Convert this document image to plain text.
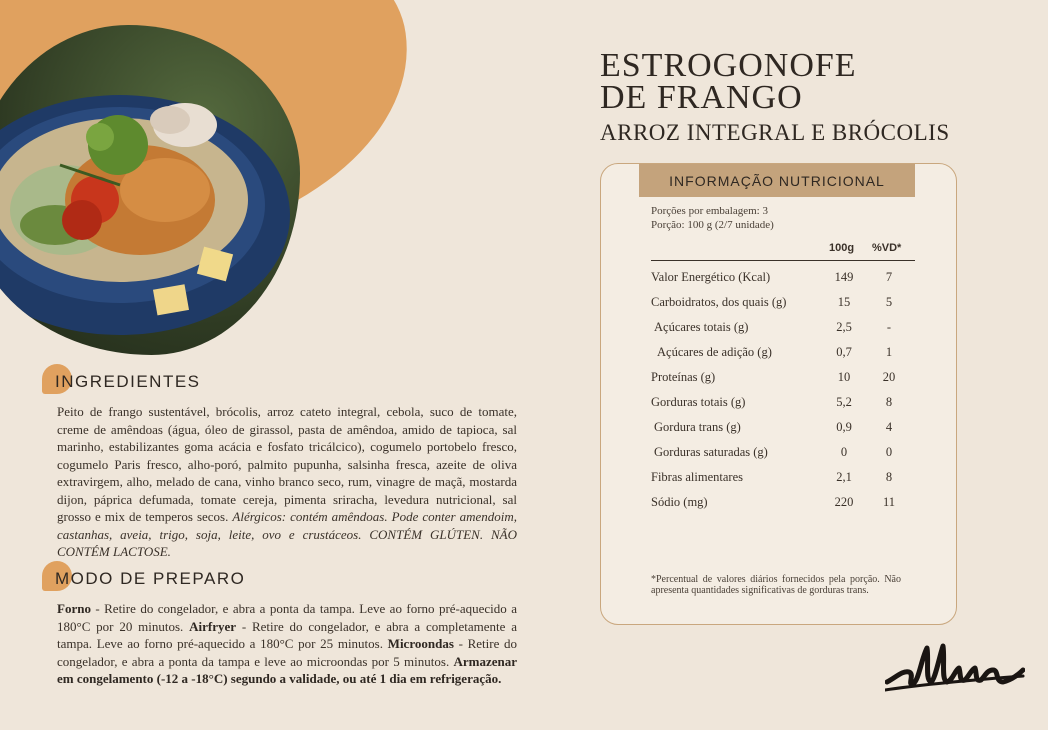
ESTROGONOFE
DE FRANGO
ARROZ INTEGRAL E BRÓCOLIS
INFORMAÇÃO NUTRICIONAL
Porções por embalagem: 3
Porção: 100 g (2/7 unidade)
100g %VD*
Valor Energético (Kcal)	149	7
Carboidratos, dos quais (g)	15	5
Açúcares totais (g)	2,5	-
Açúcares de adição (g)	0,7	1
Proteínas (g)	10	20
Gorduras totais (g)	5,2	8
Gordura trans (g)	0,9	4
Gorduras saturadas (g)	0	0
Fibras alimentares	2,1	8
Sódio (mg)	220	11
*Percentual de valores diários fornecidos pela porção. Não apresenta quantidades significativas de gorduras trans.
INGREDIENTES
Peito de frango sustentável, brócolis, arroz cateto integral, cebola, suco de tomate, creme de amêndoas (água, óleo de girassol, pasta de amêndoa, amido de tapioca, sal marinho, estabilizantes goma acácia e fosfato tricálcico), cogumelo portobelo fresco, cogumelo Paris fresco, alho-poró, palmito pupunha, salsinha fresca, azeite de oliva extravirgem, alho, melado de cana, vinho branco seco, rum, vinagre de maçã, mostarda dijon, páprica defumada, tomate cereja, pimenta sriracha, levedura nutricional, sal grosso e mix de temperos secos. Alérgicos: contém amêndoas. Pode conter amendoim, castanhas, aveia, trigo, soja, leite, ovo e crustáceos. CONTÉM GLÚTEN. NÃO CONTÉM LACTOSE.
MODO DE PREPARO
Forno - Retire do congelador, e abra a ponta da tampa. Leve ao forno pré-aquecido a 180°C por 20 minutos. Airfryer - Retire do congelador, e abra a completamente a tampa. Leve ao forno pré-aquecido a 180°C por 25 minutos. Microondas - Retire do congelador, e abra a ponta da tampa e leve ao microondas por 5 minutos. Armazenar em congelamento (-12 a -18°C) segundo a validade, ou até 1 dia em refrigeração.
